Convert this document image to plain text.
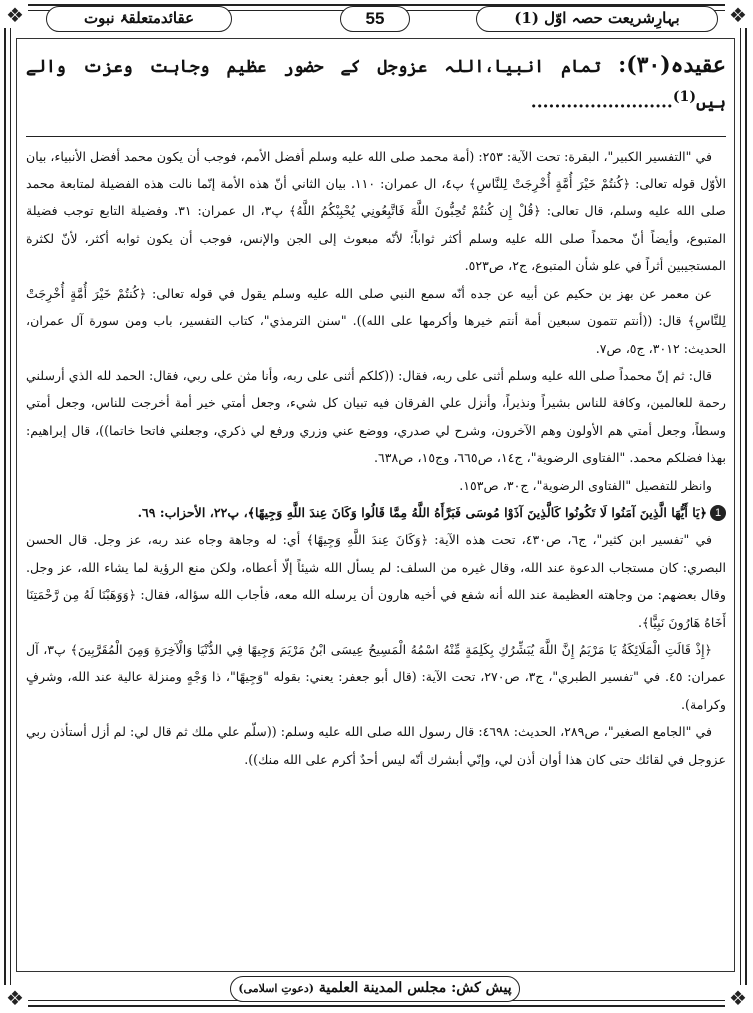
❖	❖
❖	❖
بہارِشریعت حصہ اوّل (1)
55
عقائدمتعلقۂ نبوت
عقیدہ(۳۰): تمام انبیا،اللہ عزوجل کے حضور عظیم وجاہت وعزت والے ہیں$^{(1)}$........................

في "التفسير الكبير"، البقرة: تحت الآية: ٢٥٣: (أمة محمد صلى الله عليه وسلم أفضل الأمم، فوجب أن يكون محمد أفضل الأنبياء، بيان الأوّل قوله تعالى: ﴿كُنتُمْ خَيْرَ أُمَّةٍ أُخْرِجَتْ لِلنَّاسِ﴾ پ٤، ال عمران: ١١٠. بيان الثاني أنّ هذه الأمة إنّما نالت هذه الفضيلة لمتابعة محمد صلى الله عليه وسلم، قال تعالى: ﴿قُلْ إِن كُنتُمْ تُحِبُّونَ اللَّهَ فَاتَّبِعُونِي يُحْبِبْكُمُ اللَّهُ﴾ پ٣، ال عمران: ٣١. وفضيلة التابع توجب فضيلة المتبوع، وأيضاً أنّ محمداً صلى الله عليه وسلم أكثر ثواباً؛ لأنّه مبعوث إلى الجن والإنس، فوجب أن يكون ثوابه أكثر، لأنّ لكثرة المستجيبين أثراً في علو شأن المتبوع، ج٢، ص٥٢٣.

عن معمر عن بهز بن حكيم عن أبيه عن جده أنّه سمع النبي صلى الله عليه وسلم يقول في قوله تعالى: ﴿كُنتُمْ خَيْرَ أُمَّةٍ أُخْرِجَتْ لِلنَّاسِ﴾ قال: ((أنتم تتمون سبعين أمة أنتم خيرها وأكرمها على الله)). "سنن الترمذي"، كتاب التفسير، باب ومن سورة آل عمران، الحديث: ٣٠١٢، ج٥، ص٧.

قال: ثم إنّ محمداً صلى الله عليه وسلم أثنى على ربه، فقال: ((كلكم أثنى على ربه، وأنا مثن على ربي، فقال: الحمد لله الذي أرسلني رحمة للعالمين، وكافة للناس بشيراً ونذيراً، وأنزل علي الفرقان فيه تبيان كل شيء، وجعل أمتي خير أمة أخرجت للناس، وجعل أمتي وسطاً، وجعل أمتي هم الأولون وهم الآخرون، وشرح لي صدري، ووضع عني وزري ورفع لي ذكري، وجعلني فاتحا خاتما))، قال إبراهيم: بهذا فضلكم محمد. "الفتاوى الرضوية"، ج١٤، ص٦٦٥، وج١٥، ص٦٣٨.

وانظر للتفصيل "الفتاوى الرضوية"، ج٣٠، ص١٥٣.

1﴿يَا أَيُّهَا الَّذِينَ آمَنُوا لَا تَكُونُوا كَالَّذِينَ آذَوْا مُوسَى فَبَرَّأَهُ اللَّهُ مِمَّا قَالُوا وَكَانَ عِندَ اللَّهِ وَجِيهًا﴾، پ٢٢، الأحزاب: ٦٩.

في "تفسير ابن كثير"، ج٦، ص٤٣٠، تحت هذه الآية: ﴿وَكَانَ عِندَ اللَّهِ وَجِيهًا﴾ أي: له وجاهة وجاه عند ربه، عز وجل. قال الحسن البصري: كان مستجاب الدعوة عند الله، وقال غيره من السلف: لم يسأل الله شيئاً إلّا أعطاه، ولكن منع الرؤية لما يشاء الله، عز وجل. وقال بعضهم: من وجاهته العظيمة عند الله أنه شفع في أخيه هارون أن يرسله الله معه، فأجاب الله سؤاله، فقال: ﴿وَوَهَبْنَا لَهُ مِن رَّحْمَتِنَا أَخَاهُ هَارُونَ نَبِيًّا﴾.

﴿إِذْ قَالَتِ الْمَلَائِكَةُ يَا مَرْيَمُ إِنَّ اللَّهَ يُبَشِّرُكِ بِكَلِمَةٍ مِّنْهُ اسْمُهُ الْمَسِيحُ عِيسَى ابْنُ مَرْيَمَ وَجِيهًا فِي الدُّنْيَا وَالْآخِرَةِ وَمِنَ الْمُقَرَّبِينَ﴾ پ٣، آل عمران: ٤٥. في "تفسير الطبري"، ج٣، ص٢٧٠، تحت الآية: (قال أبو جعفر: يعني: بقوله "وَجِيهًا"، ذا وَجْهٍ ومنزلة عالية عند الله، وشرفٍ وكرامة).

في "الجامع الصغير"، ص٢٨٩، الحديث: ٤٦٩٨: قال رسول الله صلى الله عليه وسلم: ((سلّم علي ملك ثم قال لي: لم أزل أستأذن ربي عزوجل في لقائك حتى كان هذا أوان أذن لي، وإنّي أبشرك أنّه ليس أحدٌ أكرم على الله منك)).

پیش کش: مجلس المدينة العلمية (دعوتِ اسلامی)
